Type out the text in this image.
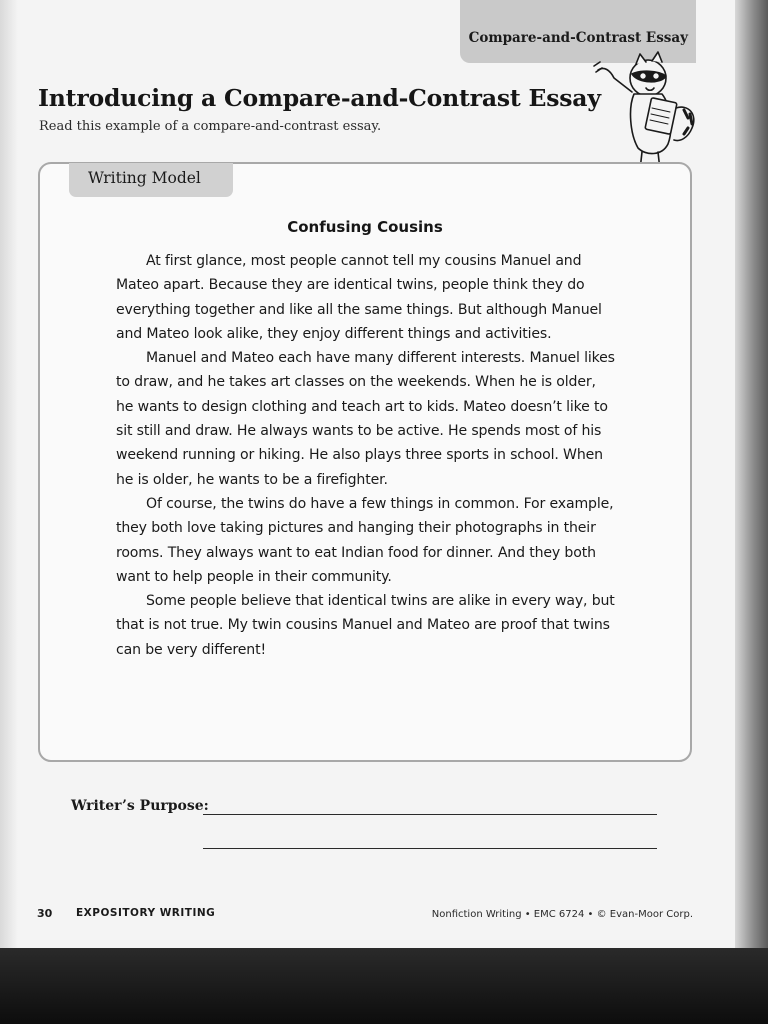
Compare-and-Contrast Essay
Introducing a Compare-and-Contrast Essay
Read this example of a compare-and-contrast essay.
Writing Model
Confusing Cousins

At first glance, most people cannot tell my cousins Manuel and Mateo apart. Because they are identical twins, people think they do everything together and like all the same things. But although Manuel and Mateo look alike, they enjoy different things and activities.

Manuel and Mateo each have many different interests. Manuel likes to draw, and he takes art classes on the weekends. When he is older, he wants to design clothing and teach art to kids. Mateo doesn’t like to sit still and draw. He always wants to be active. He spends most of his weekend running or hiking. He also plays three sports in school. When he is older, he wants to be a firefighter.

Of course, the twins do have a few things in common. For example, they both love taking pictures and hanging their photographs in their rooms. They always want to eat Indian food for dinner. And they both want to help people in their community.

Some people believe that identical twins are alike in every way, but that is not true. My twin cousins Manuel and Mateo are proof that twins can be very different!

Writer’s Purpose:
30 EXPOSITORY WRITING	Nonfiction Writing • EMC 6724 • © Evan-Moor Corp.
